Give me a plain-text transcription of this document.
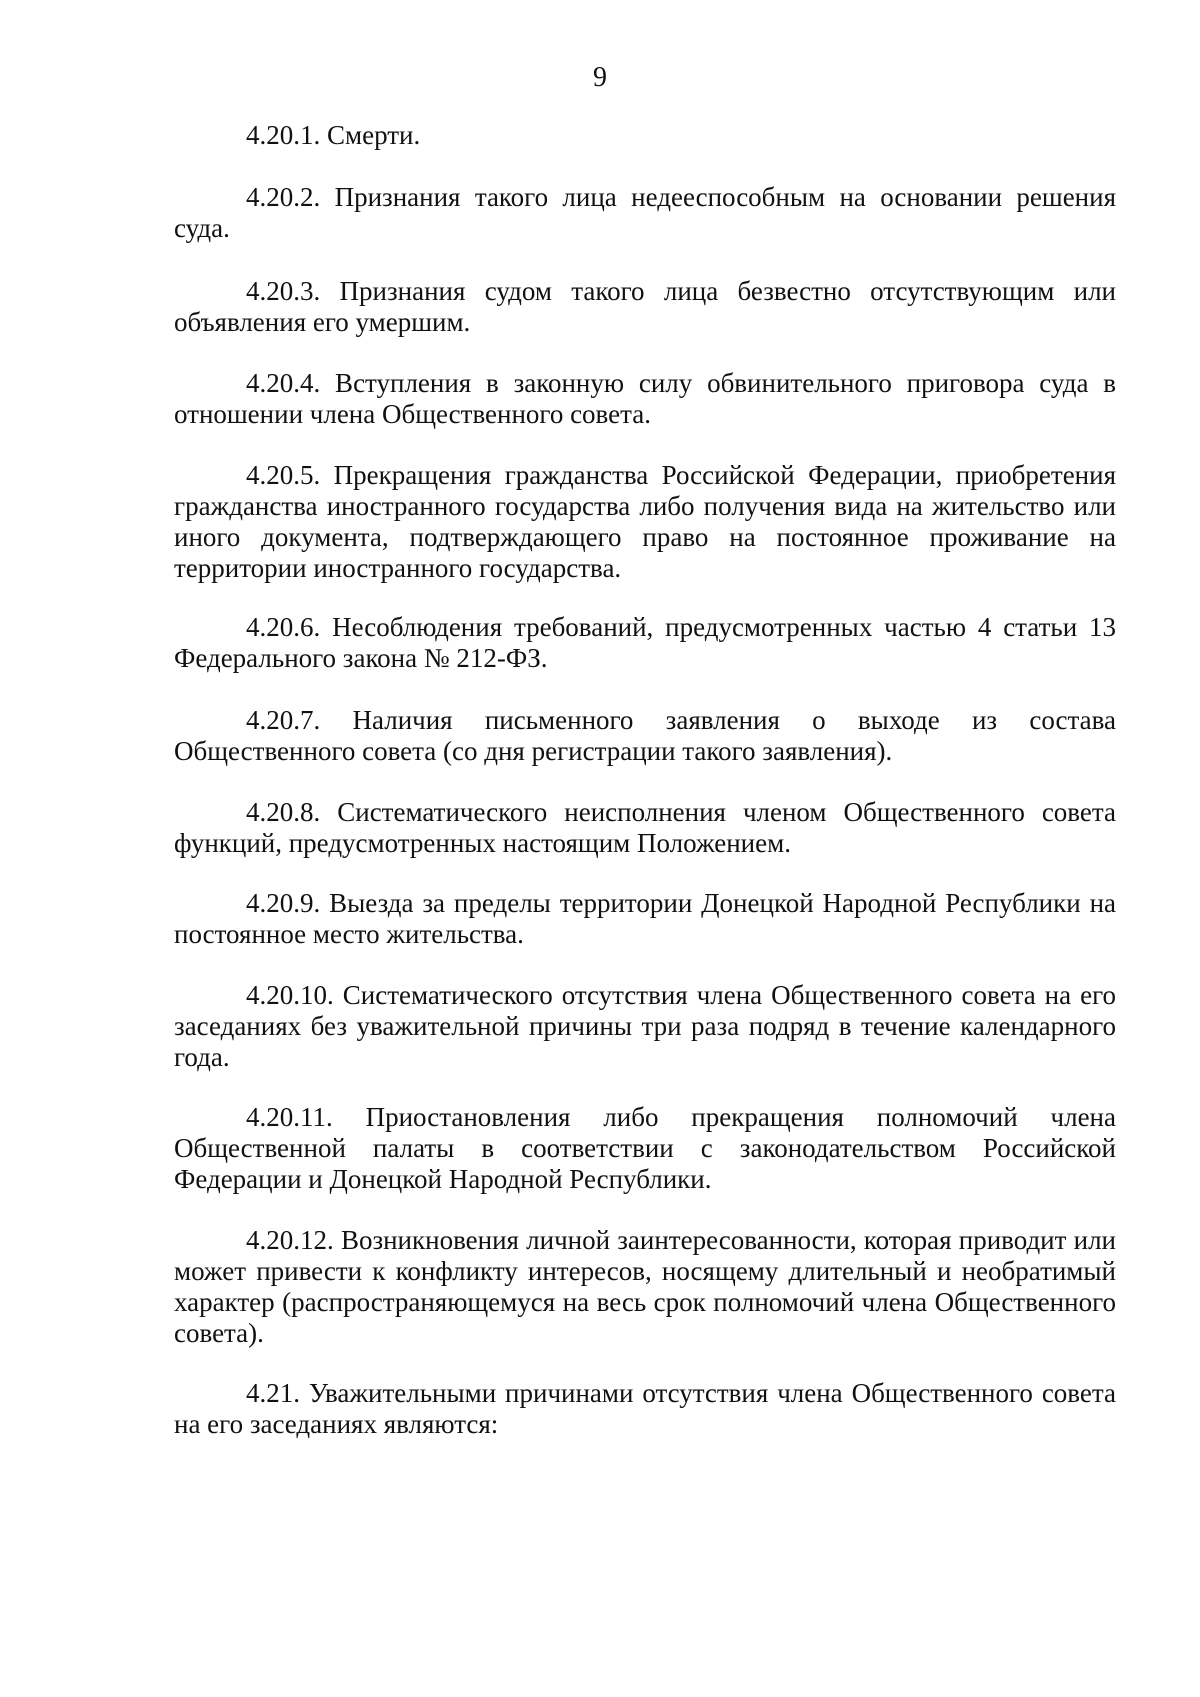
9

4.20.1. Смерти.

4.20.2. Признания такого лица недееспособным на основании решения суда.

4.20.3. Признания судом такого лица безвестно отсутствующим или объявления его умершим.

4.20.4. Вступления в законную силу обвинительного приговора суда в отношении члена Общественного совета.

4.20.5. Прекращения гражданства Российской Федерации, приобретения гражданства иностранного государства либо получения вида на жительство или иного документа, подтверждающего право на постоянное проживание на территории иностранного государства.

4.20.6. Несоблюдения требований, предусмотренных частью 4 статьи 13 Федерального закона № 212-ФЗ.

4.20.7. Наличия письменного заявления о выходе из состава Общественного совета (со дня регистрации такого заявления).

4.20.8. Систематического неисполнения членом Общественного совета функций, предусмотренных настоящим Положением.

4.20.9. Выезда за пределы территории Донецкой Народной Республики на постоянное место жительства.

4.20.10. Систематического отсутствия члена Общественного совета на его заседаниях без уважительной причины три раза подряд в течение календарного года.

4.20.11. Приостановления либо прекращения полномочий члена Общественной палаты в соответствии с законодательством Российской Федерации и Донецкой Народной Республики.

4.20.12. Возникновения личной заинтересованности, которая приводит или может привести к конфликту интересов, носящему длительный и необратимый характер (распространяющемуся на весь срок полномочий члена Общественного совета).

4.21. Уважительными причинами отсутствия члена Общественного совета на его заседаниях являются:
